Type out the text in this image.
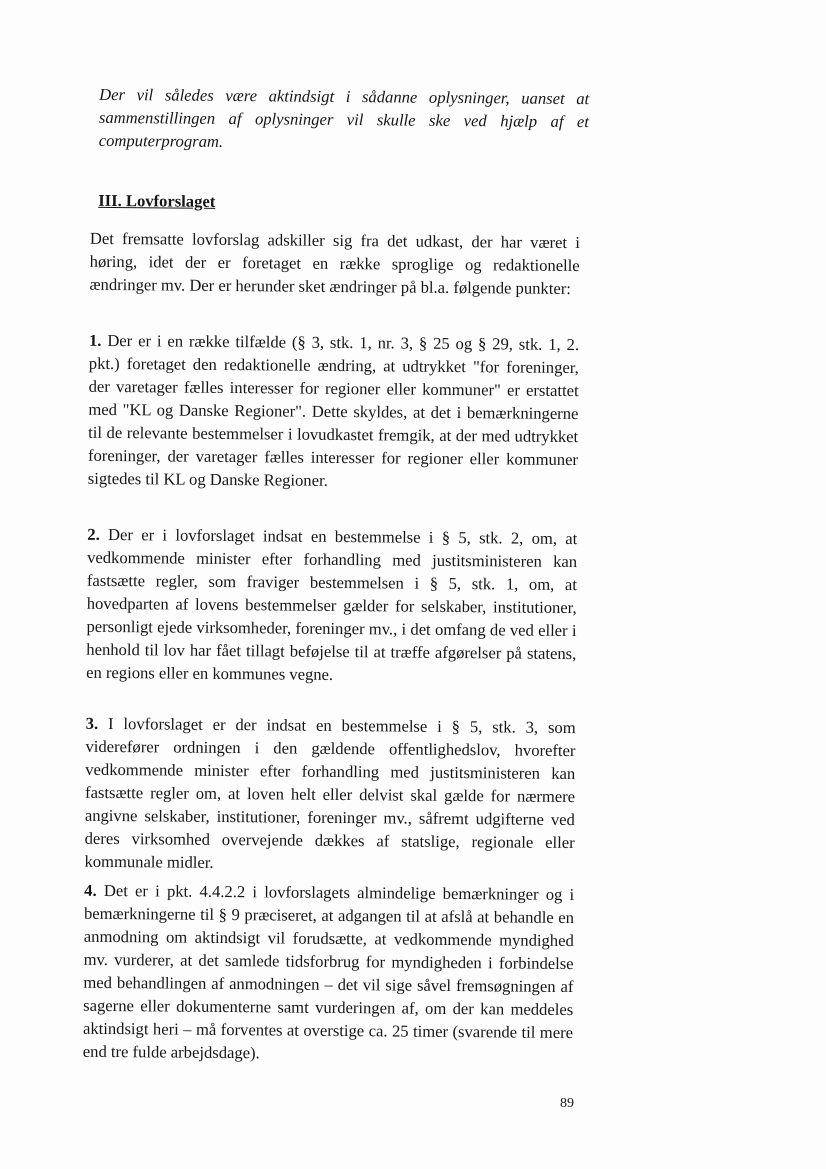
Der vil således være aktindsigt i sådanne oplysninger, uanset at sammenstillingen af oplysninger vil skulle ske ved hjælp af et computerprogram.

III. Lovforslaget

Det fremsatte lovforslag adskiller sig fra det udkast, der har været i høring, idet der er foretaget en række sproglige og redaktionelle ændringer mv. Der er herunder sket ændringer på bl.a. følgende punkter:

1. Der er i en række tilfælde (§ 3, stk. 1, nr. 3, § 25 og § 29, stk. 1, 2. pkt.) foretaget den redaktionelle ændring, at udtrykket "for foreninger, der varetager fælles interesser for regioner eller kommuner" er erstattet med "KL og Danske Regioner". Dette skyldes, at det i bemærkningerne til de relevante bestemmelser i lovudkastet fremgik, at der med udtrykket foreninger, der varetager fælles interesser for regioner eller kommuner sigtedes til KL og Danske Regioner.

2. Der er i lovforslaget indsat en bestemmelse i § 5, stk. 2, om, at vedkommende minister efter forhandling med justitsministeren kan fastsætte regler, som fraviger bestemmelsen i § 5, stk. 1, om, at hovedparten af lovens bestemmelser gælder for selskaber, institutioner, personligt ejede virksomheder, foreninger mv., i det omfang de ved eller i henhold til lov har fået tillagt beføjelse til at træffe afgørelser på statens, en regions eller en kommunes vegne.

3. I lovforslaget er der indsat en bestemmelse i § 5, stk. 3, som viderefører ordningen i den gældende offentlighedslov, hvorefter vedkommende minister efter forhandling med justitsministeren kan fastsætte regler om, at loven helt eller delvist skal gælde for nærmere angivne selskaber, institutioner, foreninger mv., såfremt udgifterne ved deres virksomhed overvejende dækkes af statslige, regionale eller kommunale midler.

4. Det er i pkt. 4.4.2.2 i lovforslagets almindelige bemærkninger og i bemærkningerne til § 9 præciseret, at adgangen til at afslå at behandle en anmodning om aktindsigt vil forudsætte, at vedkommende myndighed mv. vurderer, at det samlede tidsforbrug for myndigheden i forbindelse med behandlingen af anmodningen – det vil sige såvel fremsøgningen af sagerne eller dokumenterne samt vurderingen af, om der kan meddeles aktindsigt heri – må forventes at overstige ca. 25 timer (svarende til mere end tre fulde arbejdsdage).

89
